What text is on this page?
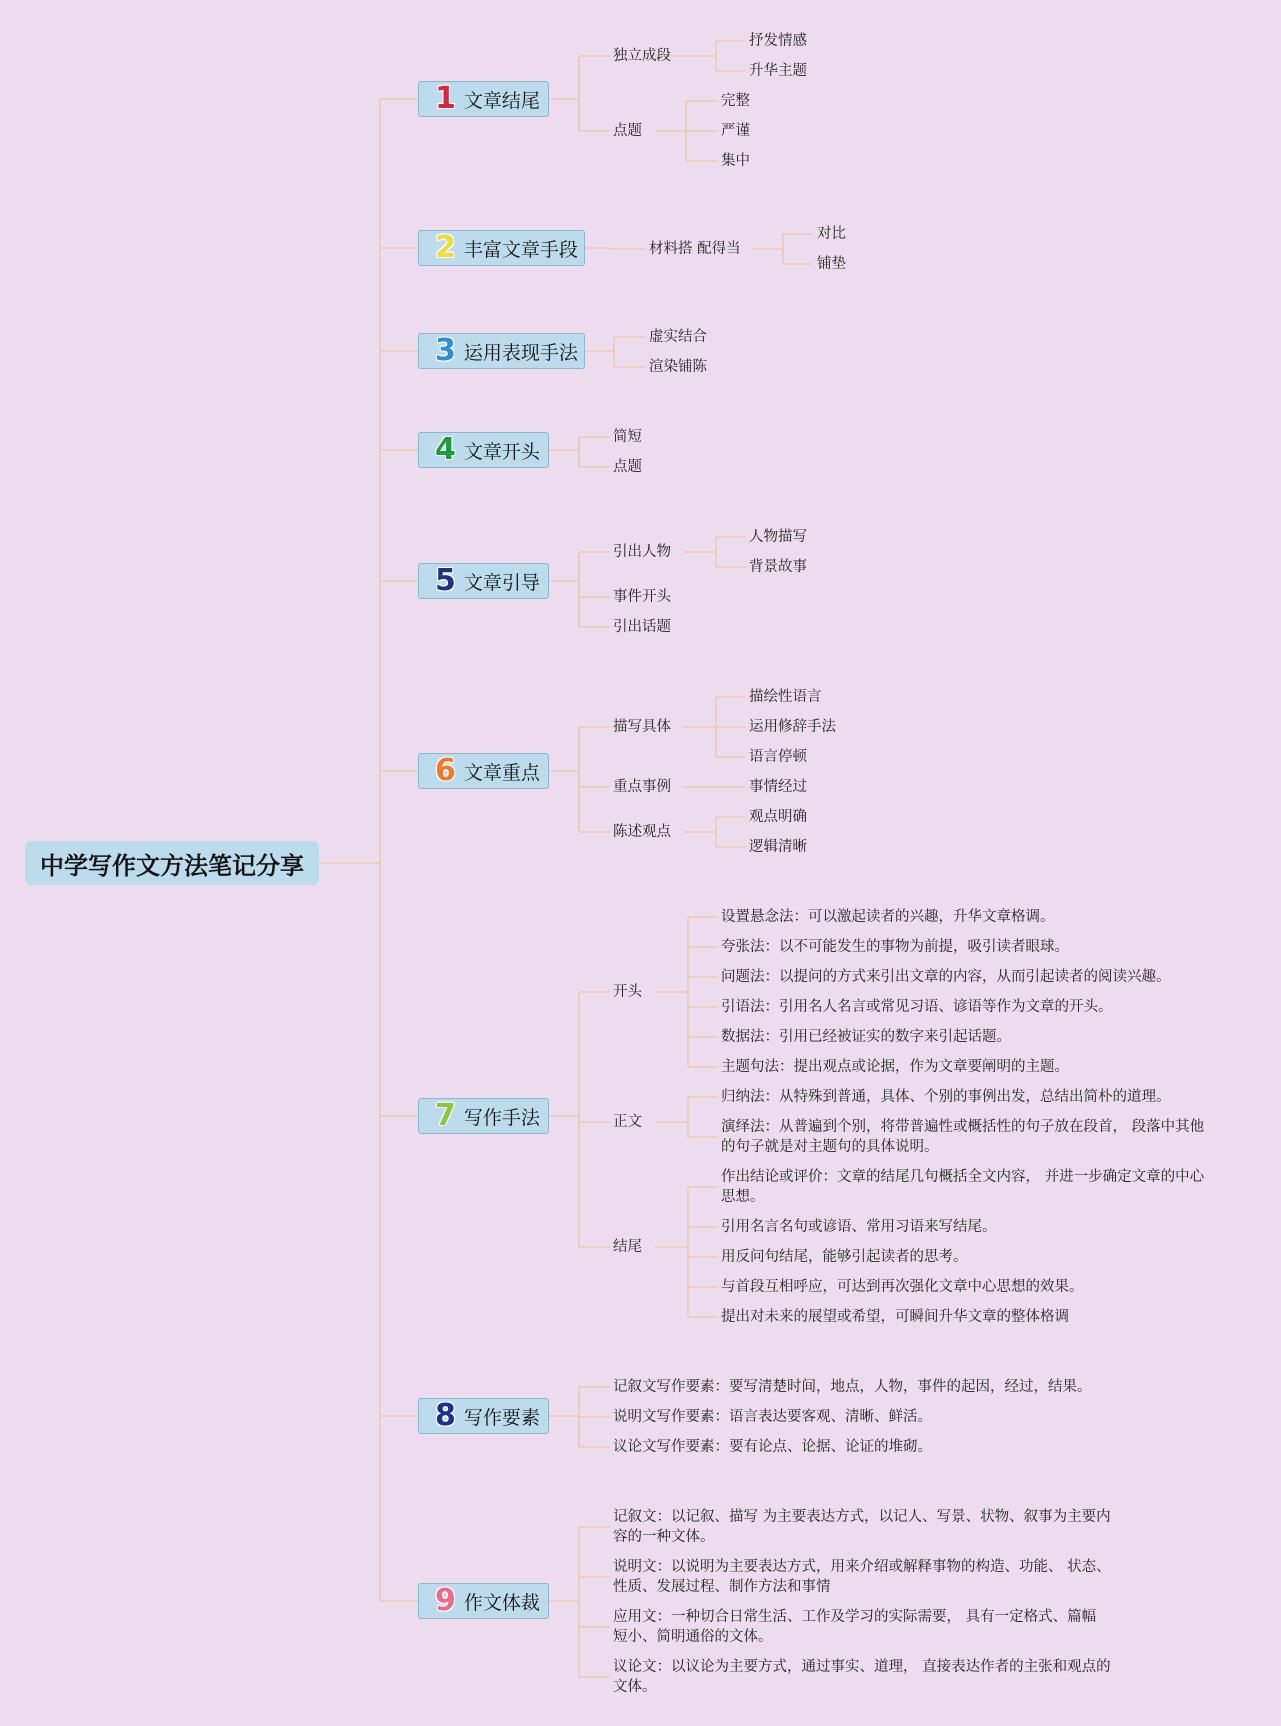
中学写作文方法笔记分享
1 文章结尾
独立成段
抒发情感
升华主题
点题
完整
严谨
集中
2 丰富文章手段	材料搭 配得当
对比
铺垫
3 运用表现手法
虚实结合
渲染铺陈
4 文章开头
简短
点题
5 文章引导
引出人物
人物描写
背景故事
事件开头
引出话题
6 文章重点
描写具体
描绘性语言
运用修辞手法
语言停顿
重点事例	事情经过
陈述观点
观点明确
逻辑清晰
7 写作手法
开头
设置悬念法：可以激起读者的兴趣，升华文章格调。
夸张法：以不可能发生的事物为前提，吸引读者眼球。
问题法：以提问的方式来引出文章的内容，从而引起读者的阅读兴趣。
引语法：引用名人名言或常见习语、谚语等作为文章的开头。
数据法：引用已经被证实的数字来引起话题。
主题句法：提出观点或论据，作为文章要阐明的主题。
正文
归纳法：从特殊到普通，具体、个别的事例出发，总结出简朴的道理。
演绎法：从普遍到个别，将带普遍性或概括性的句子放在段首， 段落中其他的句子就是对主题句的具体说明。
结尾
作出结论或评价：文章的结尾几句概括全文内容， 并进一步确定文章的中心思想。
引用名言名句或谚语、常用习语来写结尾。
用反问句结尾，能够引起读者的思考。
与首段互相呼应，可达到再次强化文章中心思想的效果。
提出对未来的展望或希望，可瞬间升华文章的整体格调
8 写作要素
记叙文写作要素：要写清楚时间，地点，人物，事件的起因，经过，结果。
说明文写作要素：语言表达要客观、清晰、鲜活。
议论文写作要素：要有论点、论据、论证的堆砌。
9 作文体裁
记叙文：以记叙、描写 为主要表达方式，以记人、写景、状物、叙事为主要内容的一种文体。
说明文：以说明为主要表达方式，用来介绍或解释事物的构造、功能、 状态、性质、发展过程、制作方法和事情
应用文：一种切合日常生活、工作及学习的实际需要， 具有一定格式、篇幅短小、简明通俗的文体。
议论文：以议论为主要方式，通过事实、道理， 直接表达作者的主张和观点的文体。
